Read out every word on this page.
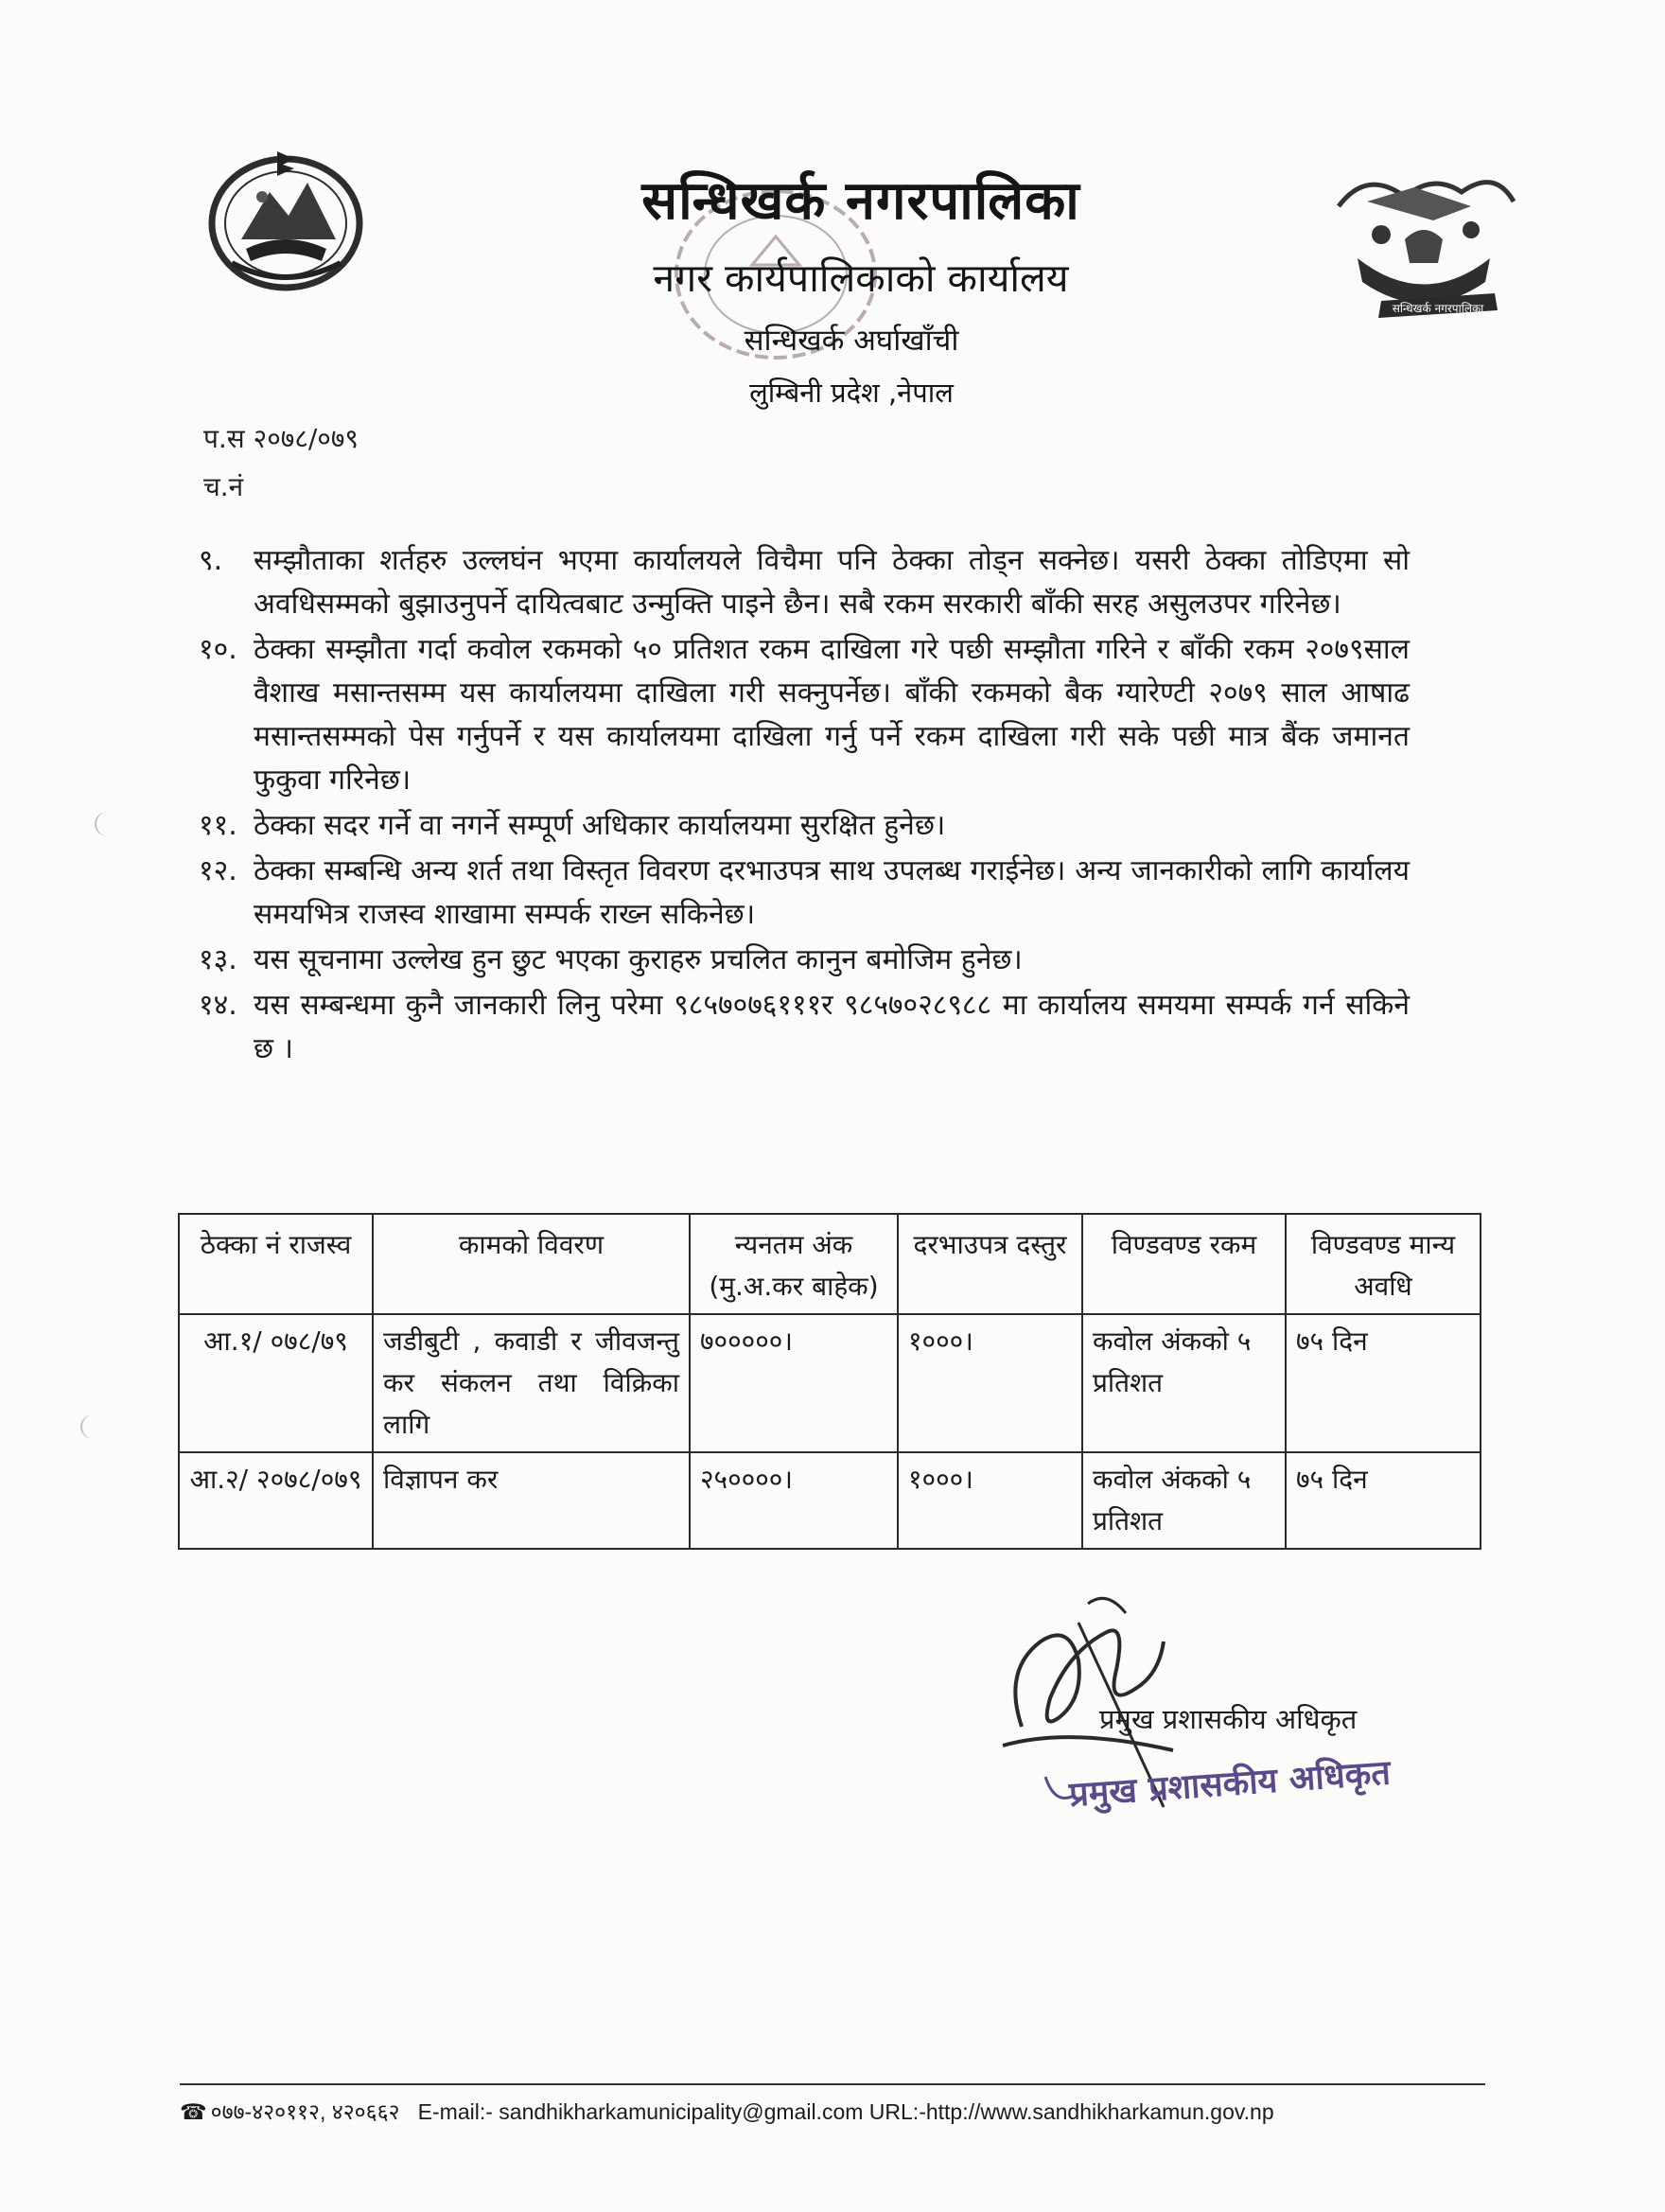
सन्धिखर्क नगरपालिका
सन्धिखर्क नगरपालिका
नगर कार्यपालिकाको कार्यालय
सन्धिखर्क अर्घाखाँची
लुम्बिनी प्रदेश ,नेपाल
प.स २०७८/०७९
च.नं

९. सम्झौताका शर्तहरु उल्लघंन भएमा कार्यालयले विचैमा पनि ठेक्का तोड्न सक्नेछ। यसरी ठेक्का तोडिएमा सो अवधिसम्मको बुझाउनुपर्ने दायित्वबाट उन्मुक्ति पाइने छैन। सबै रकम सरकारी बाँकी सरह असुलउपर गरिनेछ।

१०. ठेक्का सम्झौता गर्दा कवोल रकमको ५० प्रतिशत रकम दाखिला गरे पछी सम्झौता गरिने र बाँकी रकम २०७९साल वैशाख मसान्तसम्म यस कार्यालयमा दाखिला गरी सक्नुपर्नेछ। बाँकी रकमको बैक ग्यारेण्टी २०७९ साल आषाढ मसान्तसम्मको पेस गर्नुपर्ने र यस कार्यालयमा दाखिला गर्नु पर्ने रकम दाखिला गरी सके पछी मात्र बैंक जमानत फुकुवा गरिनेछ।

११. ठेक्का सदर गर्ने वा नगर्ने सम्पूर्ण अधिकार कार्यालयमा सुरक्षित हुनेछ।

१२. ठेक्का सम्बन्धि अन्य शर्त तथा विस्तृत विवरण दरभाउपत्र साथ उपलब्ध गराईनेछ। अन्य जानकारीको लागि कार्यालय समयभित्र राजस्व शाखामा सम्पर्क राख्न सकिनेछ।

१३. यस सूचनामा उल्लेख हुन छुट भएका कुराहरु प्रचलित कानुन बमोजिम हुनेछ।

१४. यस सम्बन्धमा कुनै जानकारी लिनु परेमा ९८५७०७६१११र ९८५७०२८९८८ मा कार्यालय समयमा सम्पर्क गर्न सकिने छ ।

ठेक्का नं राजस्व	कामको विवरण	न्यनतम अंक (मु.अ.कर बाहेक)	दरभाउपत्र दस्तुर	विण्डवण्ड रकम	विण्डवण्ड मान्य अवधि
आ.१/ ०७८/७९	जडीबुटी , कवाडी र जीवजन्तु कर संकलन तथा विक्रिका लागि	७०००००।	१०००।	कवोल अंकको ५ प्रतिशत	७५ दिन
आ.२/ २०७८/०७९	विज्ञापन कर	२५००००।	१०००।	कवोल अंकको ५ प्रतिशत	७५ दिन
प्रमुख प्रशासकीय अधिकृत
प्रमुख प्रशासकीय अधिकृत
☎ ०७७-४२०११२, ४२०६६२ E-mail:- sandhikharkamunicipality@gmail.com URL:-http://www.sandhikharkamun.gov.np
